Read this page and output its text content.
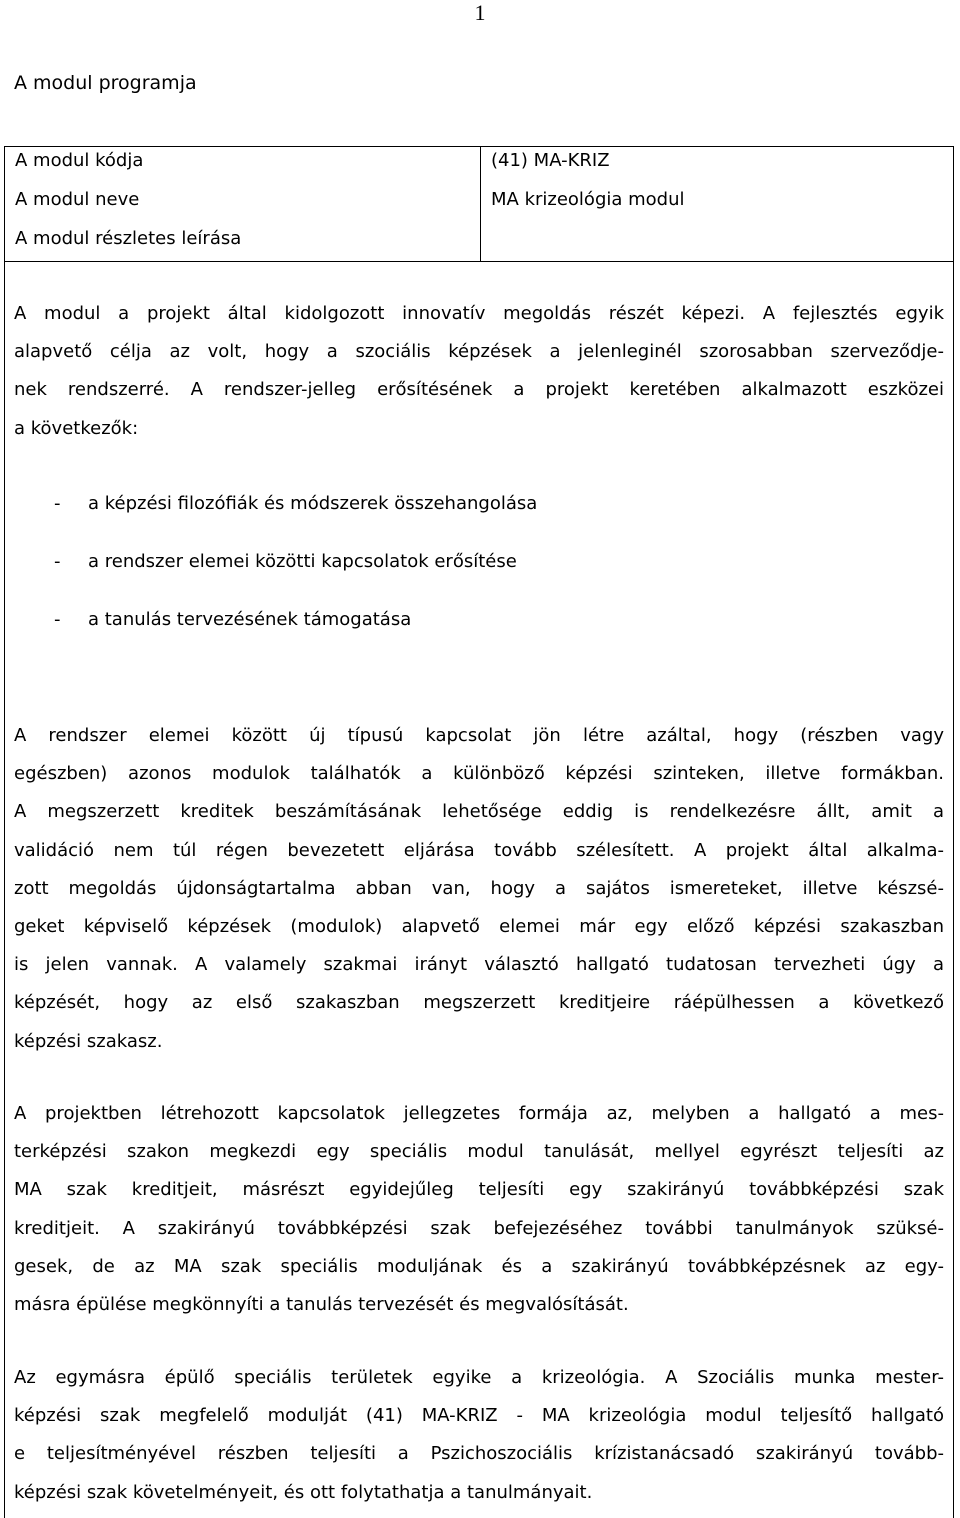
1
A modul programja
A modul kódja	(41) MA-KRIZ
A modul neve	MA krizeológia modul
A modul részletes leírása
A modul a projekt által kidolgozott innovatív megoldás részét képezi. A fejlesztés egyik
alapvető célja az volt, hogy a szociális képzések a jelenleginél szorosabban szerveződje-
nek rendszerré. A rendszer-jelleg erősítésének a projekt keretében alkalmazott eszközei
a következők:
- a képzési filozófiák és módszerek összehangolása
- a rendszer elemei közötti kapcsolatok erősítése
- a tanulás tervezésének támogatása
A rendszer elemei között új típusú kapcsolat jön létre azáltal, hogy (részben vagy
egészben) azonos modulok találhatók a különböző képzési szinteken, illetve formákban.
A megszerzett kreditek beszámításának lehetősége eddig is rendelkezésre állt, amit a
validáció nem túl régen bevezetett eljárása tovább szélesített. A projekt által alkalma-
zott megoldás újdonságtartalma abban van, hogy a sajátos ismereteket, illetve készsé-
geket képviselő képzések (modulok) alapvető elemei már egy előző képzési szakaszban
is jelen vannak. A valamely szakmai irányt választó hallgató tudatosan tervezheti úgy a
képzését, hogy az első szakaszban megszerzett kreditjeire ráépülhessen a következő
képzési szakasz.
A projektben létrehozott kapcsolatok jellegzetes formája az, melyben a hallgató a mes-
terképzési szakon megkezdi egy speciális modul tanulását, mellyel egyrészt teljesíti az
MA szak kreditjeit, másrészt egyidejűleg teljesíti egy szakirányú továbbképzési szak
kreditjeit. A szakirányú továbbképzési szak befejezéséhez további tanulmányok szüksé-
gesek, de az MA szak speciális moduljának és a szakirányú továbbképzésnek az egy-
másra épülése megkönnyíti a tanulás tervezését és megvalósítását.
Az egymásra épülő speciális területek egyike a krizeológia. A Szociális munka mester-
képzési szak megfelelő modulját (41) MA-KRIZ - MA krizeológia modul teljesítő hallgató
e teljesítményével részben teljesíti a Pszichoszociális krízistanácsadó szakirányú tovább-
képzési szak követelményeit, és ott folytathatja a tanulmányait.
